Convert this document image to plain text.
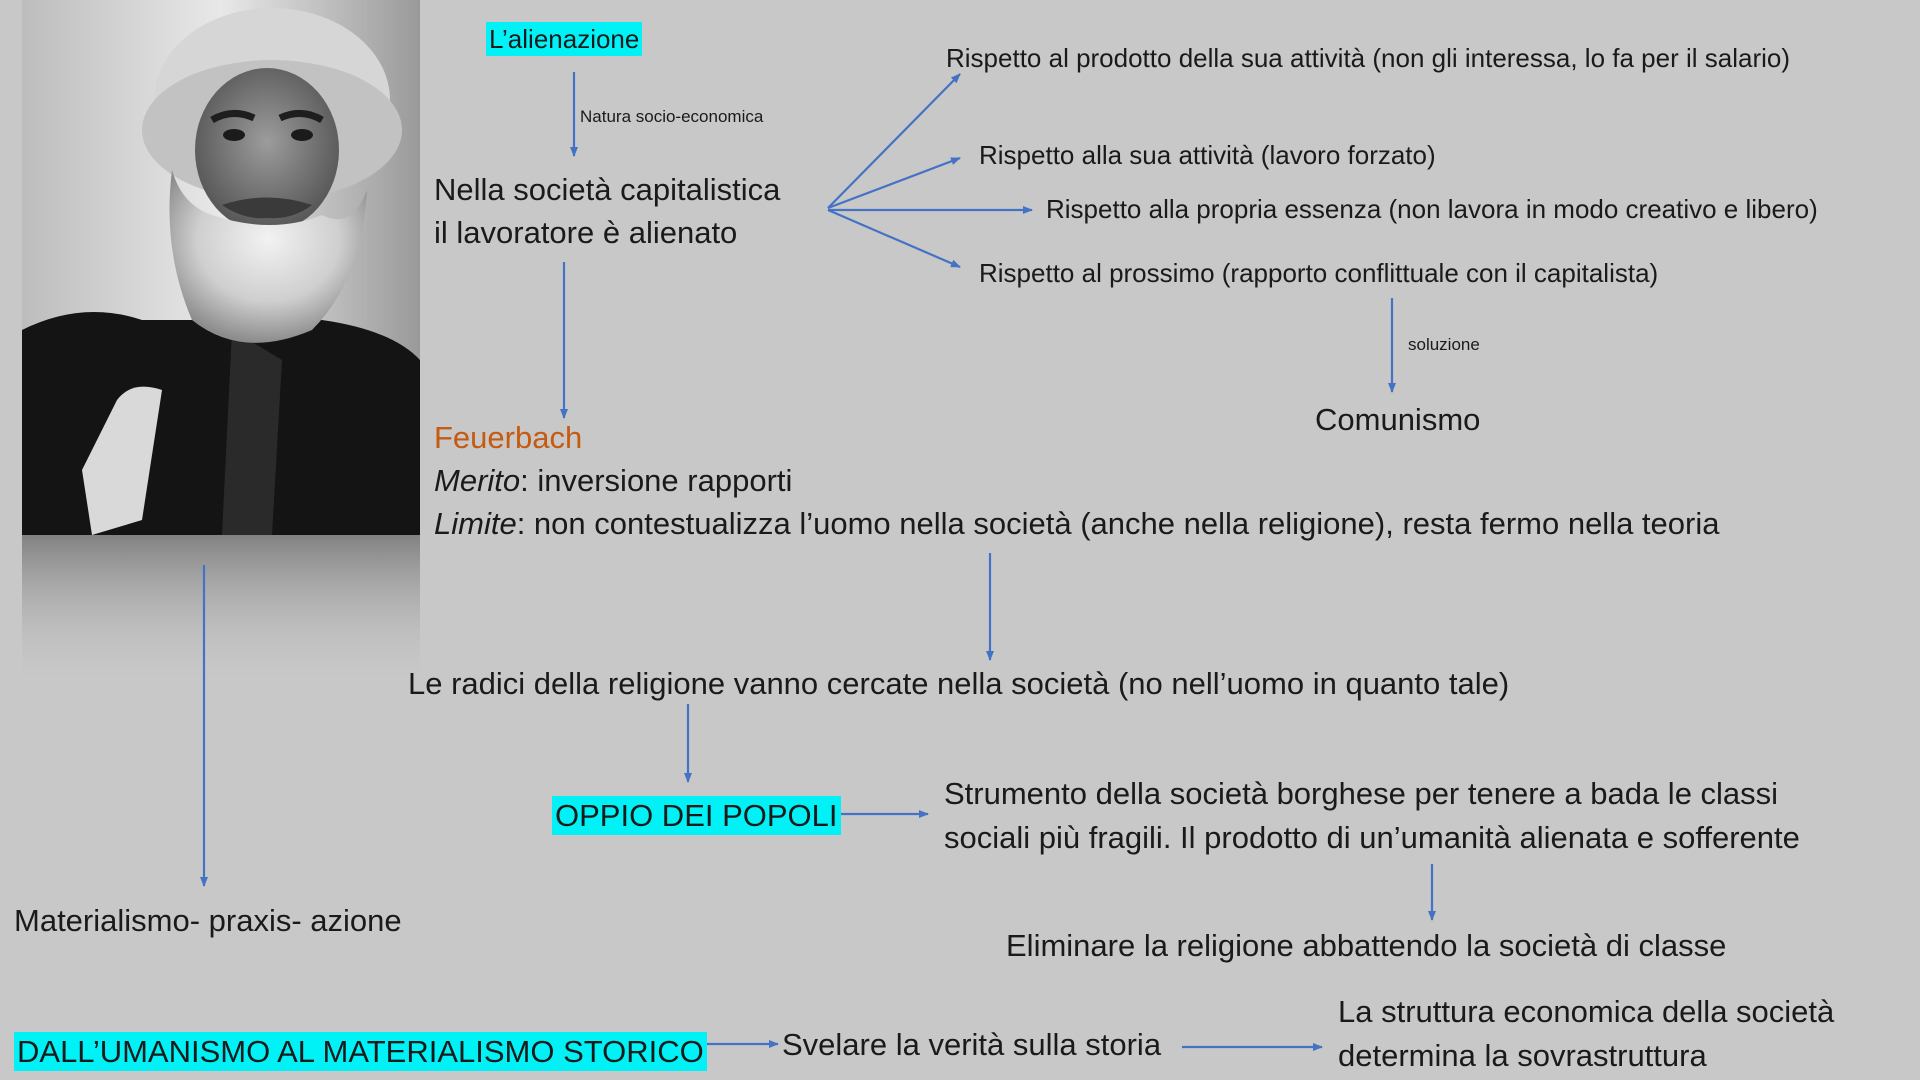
L’alienazione
Natura socio-economica
Nella società capitalistica
il lavoratore è alienato
Rispetto al prodotto della sua attività (non gli interessa, lo fa per il salario)
Rispetto alla sua attività (lavoro forzato)
Rispetto alla propria essenza (non lavora in modo creativo e libero)
Rispetto al prossimo (rapporto conflittuale con il capitalista)
soluzione
Comunismo
Feuerbach
Merito: inversione rapporti
Limite: non contestualizza l’uomo nella società (anche nella religione), resta fermo nella teoria
Le radici della religione vanno cercate nella società (no nell’uomo in quanto tale)
OPPIO DEI POPOLI
Strumento della società borghese per tenere a bada le classi
sociali più fragili. Il prodotto di un’umanità alienata e sofferente
Eliminare la religione abbattendo la società di classe
Materialismo- praxis- azione
DALL’UMANISMO AL MATERIALISMO STORICO	Svelare la verità sulla storia
La struttura economica della società
determina la sovrastruttura
